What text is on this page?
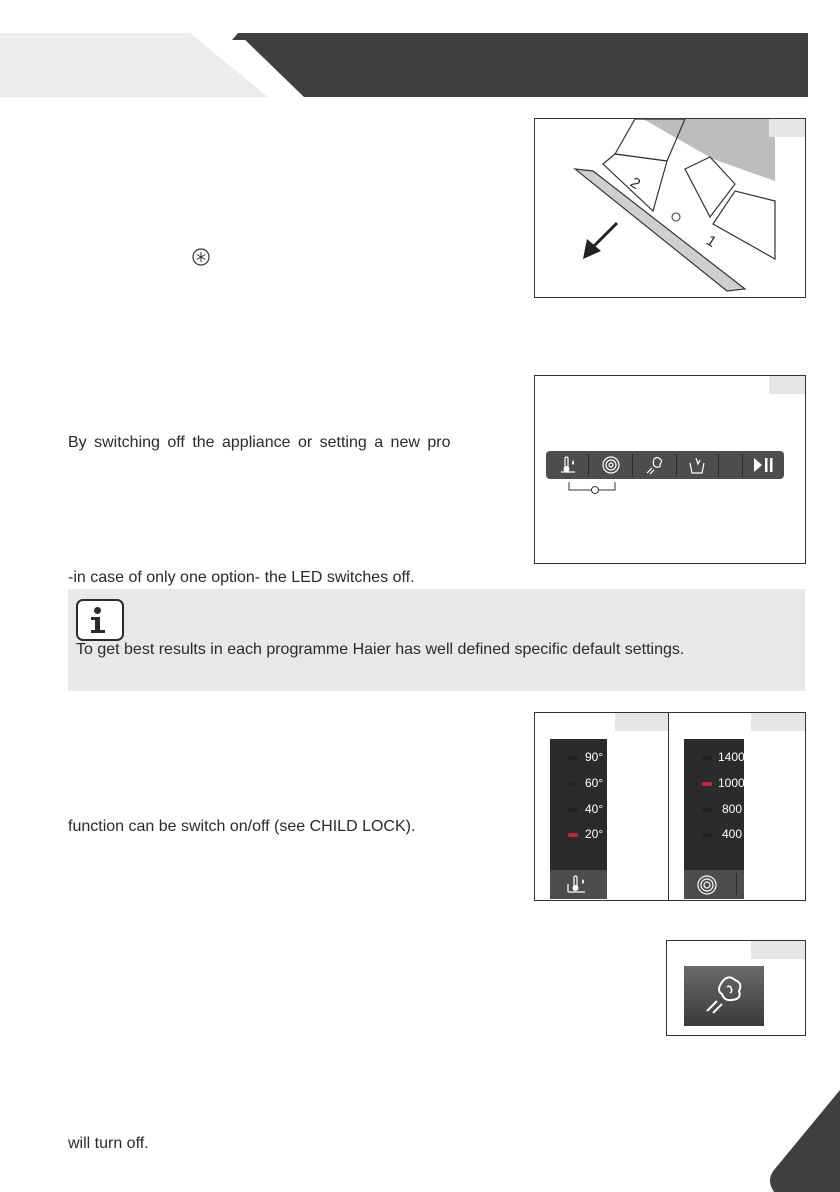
2
1
By switching off the appliance or setting a new pro
-in case of only one option- the LED switches off.
To get best results in each programme Haier has well defined specific default settings.
90°
60°
40°
20°
1400
1000
800
400
function can be switch on/off (see CHILD LOCK).
will turn off.
